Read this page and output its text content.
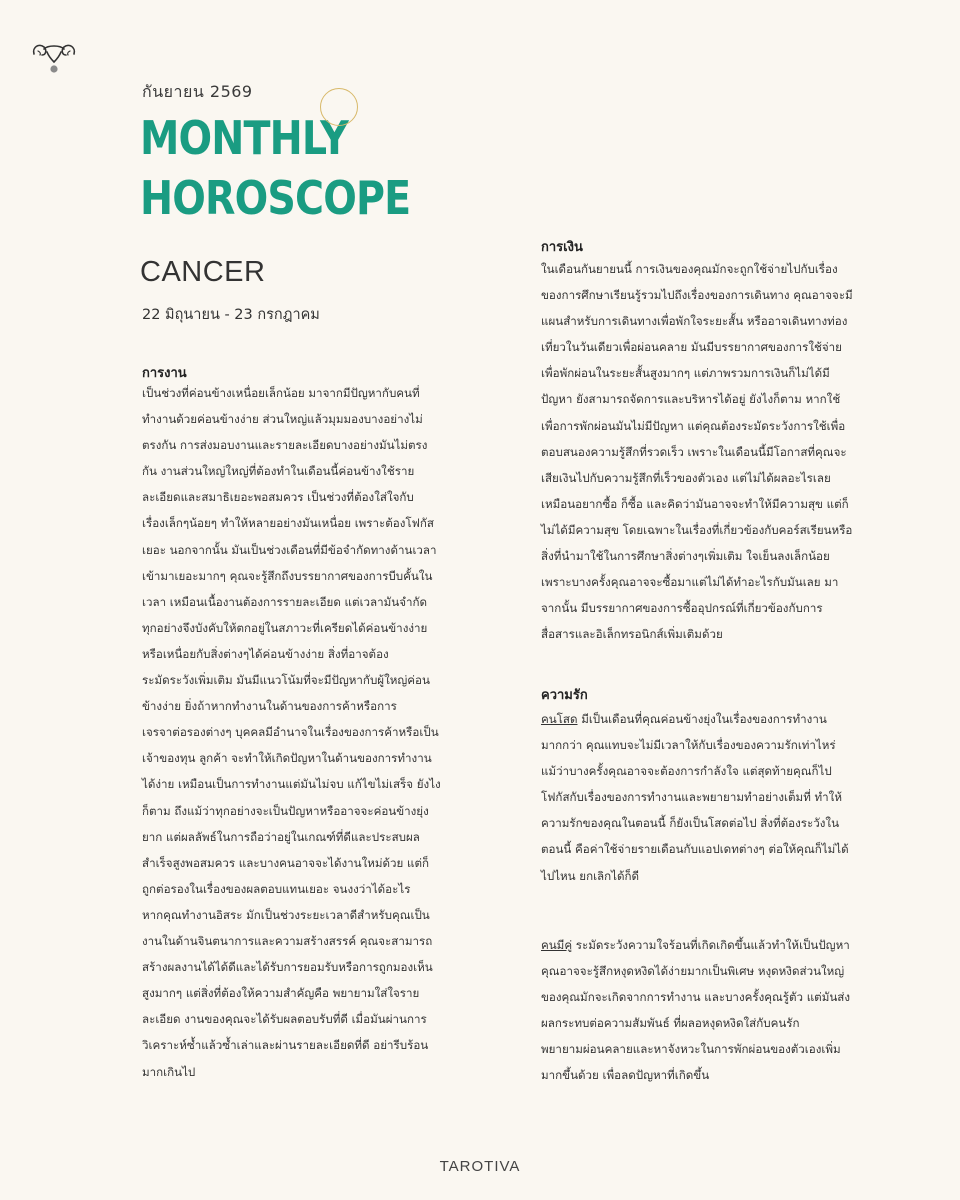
กันยายน 2569
MONTHLY
HOROSCOPE
CANCER
22 มิถุนายน - 23 กรกฎาคม
การงาน
เป็นช่วงที่ค่อนข้างเหนื่อยเล็กน้อย มาจากมีปัญหากับคนที่
ทำงานด้วยค่อนข้างง่าย ส่วนใหญ่แล้วมุมมองบางอย่างไม่
ตรงกัน การส่งมอบงานและรายละเอียดบางอย่างมันไม่ตรง
กัน งานส่วนใหญ่ใหญ่ที่ต้องทำในเดือนนี้ค่อนข้างใช้ราย
ละเอียดและสมาธิเยอะพอสมควร เป็นช่วงที่ต้องใส่ใจกับ
เรื่องเล็กๆน้อยๆ ทำให้หลายอย่างมันเหนื่อย เพราะต้องโฟกัส
เยอะ นอกจากนั้น มันเป็นช่วงเดือนที่มีข้อจำกัดทางด้านเวลา
เข้ามาเยอะมากๆ คุณจะรู้สึกถึงบรรยากาศของการบีบคั้นใน
เวลา เหมือนเนื้องานต้องการรายละเอียด แต่เวลามันจำกัด
ทุกอย่างจึงบังคับให้ตกอยู่ในสภาวะที่เครียดได้ค่อนข้างง่าย
หรือเหนื่อยกับสิ่งต่างๆได้ค่อนข้างง่าย สิ่งที่อาจต้อง
ระมัดระวังเพิ่มเติม มันมีแนวโน้มที่จะมีปัญหากับผู้ใหญ่ค่อน
ข้างง่าย ยิ่งถ้าหากทำงานในด้านของการค้าหรือการ
เจรจาต่อรองต่างๆ บุคคลมีอำนาจในเรื่องของการค้าหรือเป็น
เจ้าของทุน ลูกค้า จะทำให้เกิดปัญหาในด้านของการทำงาน
ได้ง่าย เหมือนเป็นการทำงานแต่มันไม่จบ แก้ไขไม่เสร็จ ยังไง
ก็ตาม ถึงแม้ว่าทุกอย่างจะเป็นปัญหาหรืออาจจะค่อนข้างยุ่ง
ยาก แต่ผลลัพธ์ในการถือว่าอยู่ในเกณฑ์ที่ดีและประสบผล
สำเร็จสูงพอสมควร และบางคนอาจจะได้งานใหม่ด้วย แต่ก็
ถูกต่อรองในเรื่องของผลตอบแทนเยอะ จนงงว่าได้อะไร
หากคุณทำงานอิสระ มักเป็นช่วงระยะเวลาดีสำหรับคุณเป็น
งานในด้านจินตนาการและความสร้างสรรค์ คุณจะสามารถ
สร้างผลงานได้ได้ดีและได้รับการยอมรับหรือการถูกมองเห็น
สูงมากๆ แต่สิ่งที่ต้องให้ความสำคัญคือ พยายามใส่ใจราย
ละเอียด งานของคุณจะได้รับผลตอบรับที่ดี เมื่อมันผ่านการ
วิเคราะห์ซ้ำแล้วซ้ำเล่าและผ่านรายละเอียดที่ดี อย่ารีบร้อน
มากเกินไป
การเงิน
ในเดือนกันยายนนี้ การเงินของคุณมักจะถูกใช้จ่ายไปกับเรื่อง
ของการศึกษาเรียนรู้รวมไปถึงเรื่องของการเดินทาง คุณอาจจะมี
แผนสำหรับการเดินทางเพื่อพักใจระยะสั้น หรืออาจเดินทางท่อง
เที่ยวในวันเดียวเพื่อผ่อนคลาย มันมีบรรยากาศของการใช้จ่าย
เพื่อพักผ่อนในระยะสั้นสูงมากๆ แต่ภาพรวมการเงินก็ไม่ได้มี
ปัญหา ยังสามารถจัดการและบริหารได้อยู่ ยังไงก็ตาม หากใช้
เพื่อการพักผ่อนมันไม่มีปัญหา แต่คุณต้องระมัดระวังการใช้เพื่อ
ตอบสนองความรู้สึกที่รวดเร็ว เพราะในเดือนนี้มีโอกาสที่คุณจะ
เสียเงินไปกับความรู้สึกที่เร็วของตัวเอง แต่ไม่ได้ผลอะไรเลย
เหมือนอยากซื้อ ก็ซื้อ และคิดว่ามันอาจจะทำให้มีความสุข แต่ก็
ไม่ได้มีความสุข โดยเฉพาะในเรื่องที่เกี่ยวข้องกับคอร์สเรียนหรือ
สิ่งที่นำมาใช้ในการศึกษาสิ่งต่างๆเพิ่มเติม ใจเย็นลงเล็กน้อย
เพราะบางครั้งคุณอาจจะซื้อมาแต่ไม่ได้ทำอะไรกับมันเลย มา
จากนั้น มีบรรยากาศของการซื้ออุปกรณ์ที่เกี่ยวข้องกับการ
สื่อสารและอิเล็กทรอนิกส์เพิ่มเติมด้วย
ความรัก
คนโสด มีเป็นเดือนที่คุณค่อนข้างยุ่งในเรื่องของการทำงาน
มากกว่า คุณแทบจะไม่มีเวลาให้กับเรื่องของความรักเท่าไหร่
แม้ว่าบางครั้งคุณอาจจะต้องการกำลังใจ แต่สุดท้ายคุณก็ไป
โฟกัสกับเรื่องของการทำงานและพยายามทำอย่างเต็มที่ ทำให้
ความรักของคุณในตอนนี้ ก็ยังเป็นโสดต่อไป สิ่งที่ต้องระวังใน
ตอนนี้ คือค่าใช้จ่ายรายเดือนกับแอปเดทต่างๆ ต่อให้คุณก็ไม่ได้
ไปไหน ยกเลิกได้ก็ดี
คนมีคู่ ระมัดระวังความใจร้อนที่เกิดเกิดขึ้นแล้วทำให้เป็นปัญหา
คุณอาจจะรู้สึกหงุดหงิดได้ง่ายมากเป็นพิเศษ หงุดหงิดส่วนใหญ่
ของคุณมักจะเกิดจากการทำงาน และบางครั้งคุณรู้ตัว แต่มันส่ง
ผลกระทบต่อความสัมพันธ์ ที่ผลอหงุดหงิดใส่กับคนรัก
พยายามผ่อนคลายและหาจังหวะในการพักผ่อนของตัวเองเพิ่ม
มากขึ้นด้วย เพื่อลดปัญหาที่เกิดขึ้น
TAROTIVA
